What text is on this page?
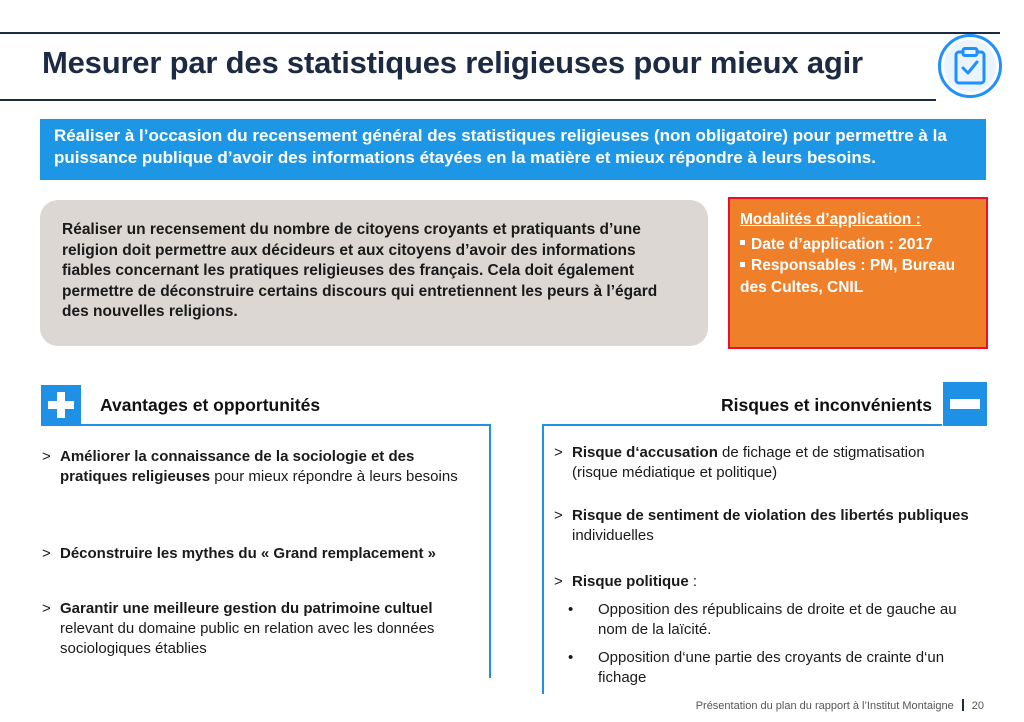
Mesurer par des statistiques religieuses pour mieux agir
Réaliser à l’occasion du recensement général des statistiques religieuses (non obligatoire) pour permettre à la puissance publique d’avoir des informations étayées en la matière et mieux répondre à leurs besoins.
Réaliser un recensement du nombre de citoyens croyants et pratiquants d’une religion doit permettre aux décideurs et aux citoyens d’avoir des informations fiables concernant les pratiques religieuses des français. Cela doit également permettre de déconstruire certains discours qui entretiennent les peurs à l’égard des nouvelles religions.
Modalités d’application :
Date d’application : 2017
Responsables : PM, Bureau des Cultes, CNIL
Avantages et opportunités	Risques et inconvénients
> Améliorer la connaissance de la sociologie et des pratiques religieuses pour mieux répondre à leurs besoins
> Déconstruire les mythes du « Grand remplacement »
> Garantir une meilleure gestion du patrimoine cultuel relevant du domaine public en relation avec les données sociologiques établies
> Risque d‘accusation de fichage et de stigmatisation (risque médiatique et politique)
> Risque de sentiment de violation des libertés publiques individuelles
> Risque politique :
•	Opposition des républicains de droite et de gauche au nom de la laïcité.
•	Opposition d‘une partie des croyants de crainte d‘un fichage
Présentation du plan du rapport à l’Institut Montaigne 20
